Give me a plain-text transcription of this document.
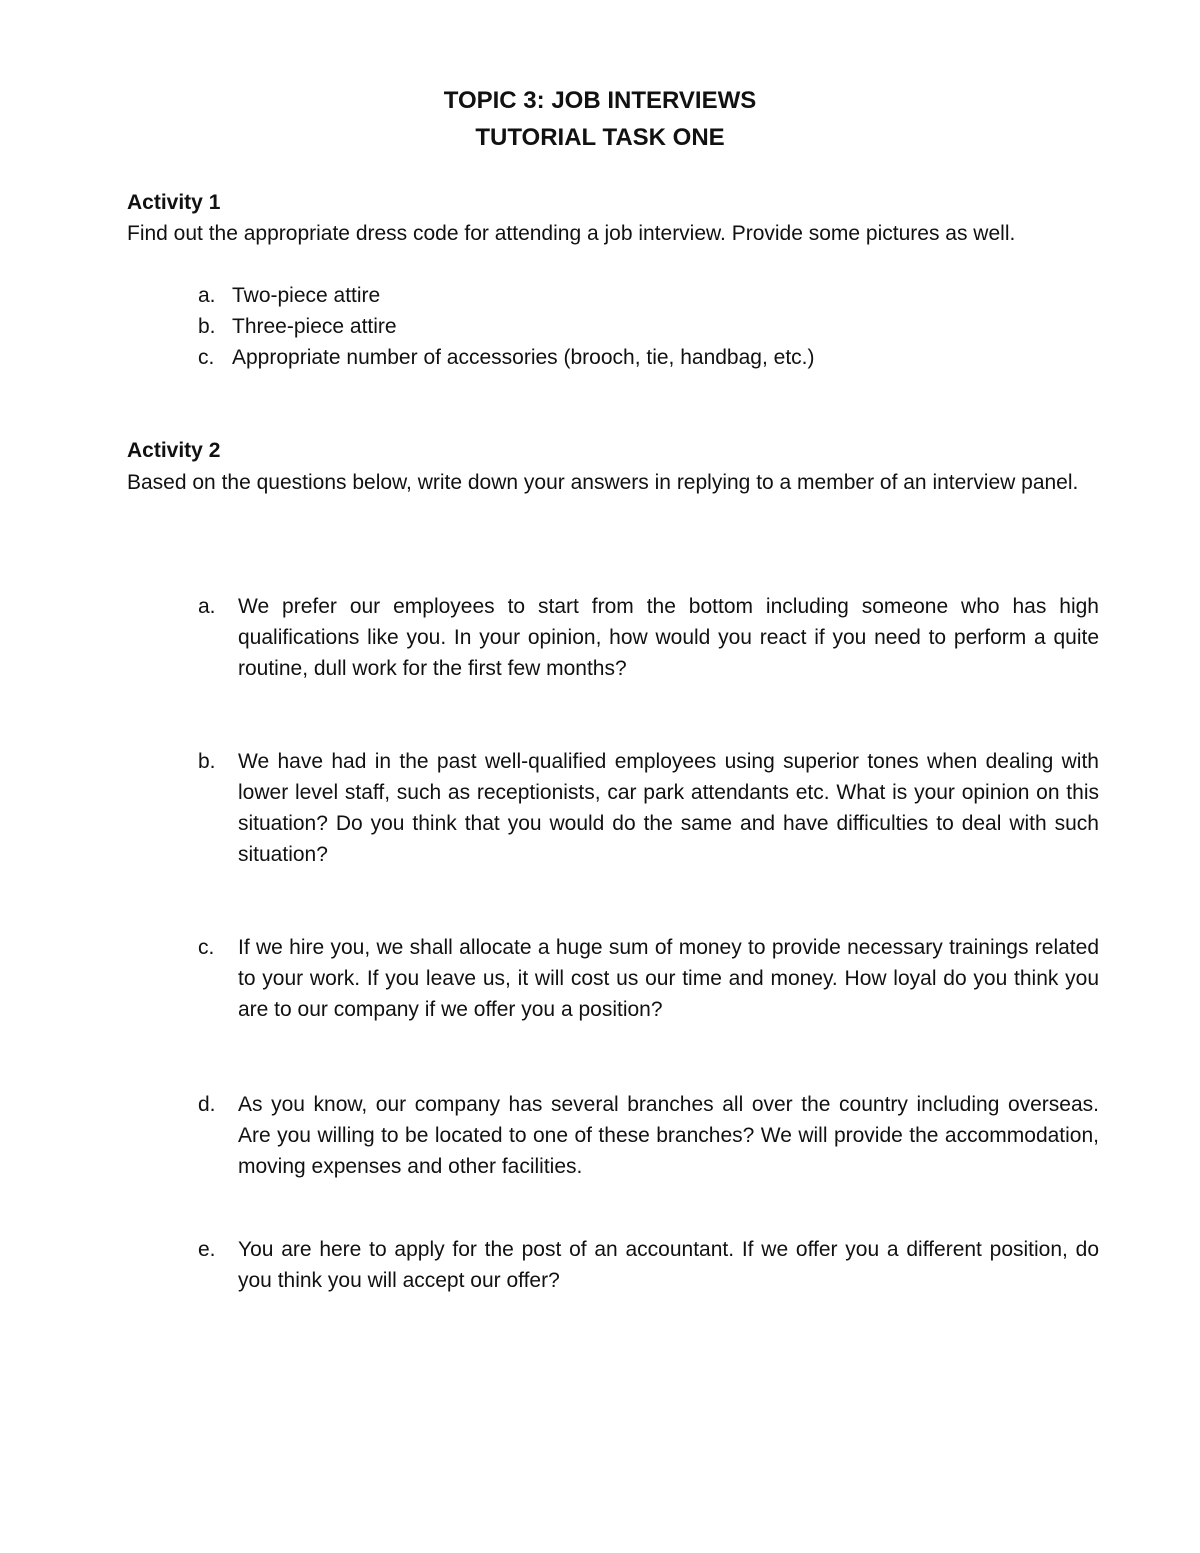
TOPIC 3: JOB INTERVIEWS
TUTORIAL TASK ONE
Activity 1
Find out the appropriate dress code for attending a job interview. Provide some pictures as well.
a. Two-piece attire
b. Three-piece attire
c. Appropriate number of accessories (brooch, tie, handbag, etc.)
Activity 2
Based on the questions below, write down your answers in replying to a member of an interview panel.
a. We prefer our employees to start from the bottom including someone who has high qualifications like you. In your opinion, how would you react if you need to perform a quite routine, dull work for the first few months?
b. We have had in the past well-qualified employees using superior tones when dealing with lower level staff, such as receptionists, car park attendants etc. What is your opinion on this situation? Do you think that you would do the same and have difficulties to deal with such situation?
c. If we hire you, we shall allocate a huge sum of money to provide necessary trainings related to your work. If you leave us, it will cost us our time and money. How loyal do you think you are to our company if we offer you a position?
d. As you know, our company has several branches all over the country including overseas. Are you willing to be located to one of these branches? We will provide the accommodation, moving expenses and other facilities.
e. You are here to apply for the post of an accountant. If we offer you a different position, do you think you will accept our offer?
